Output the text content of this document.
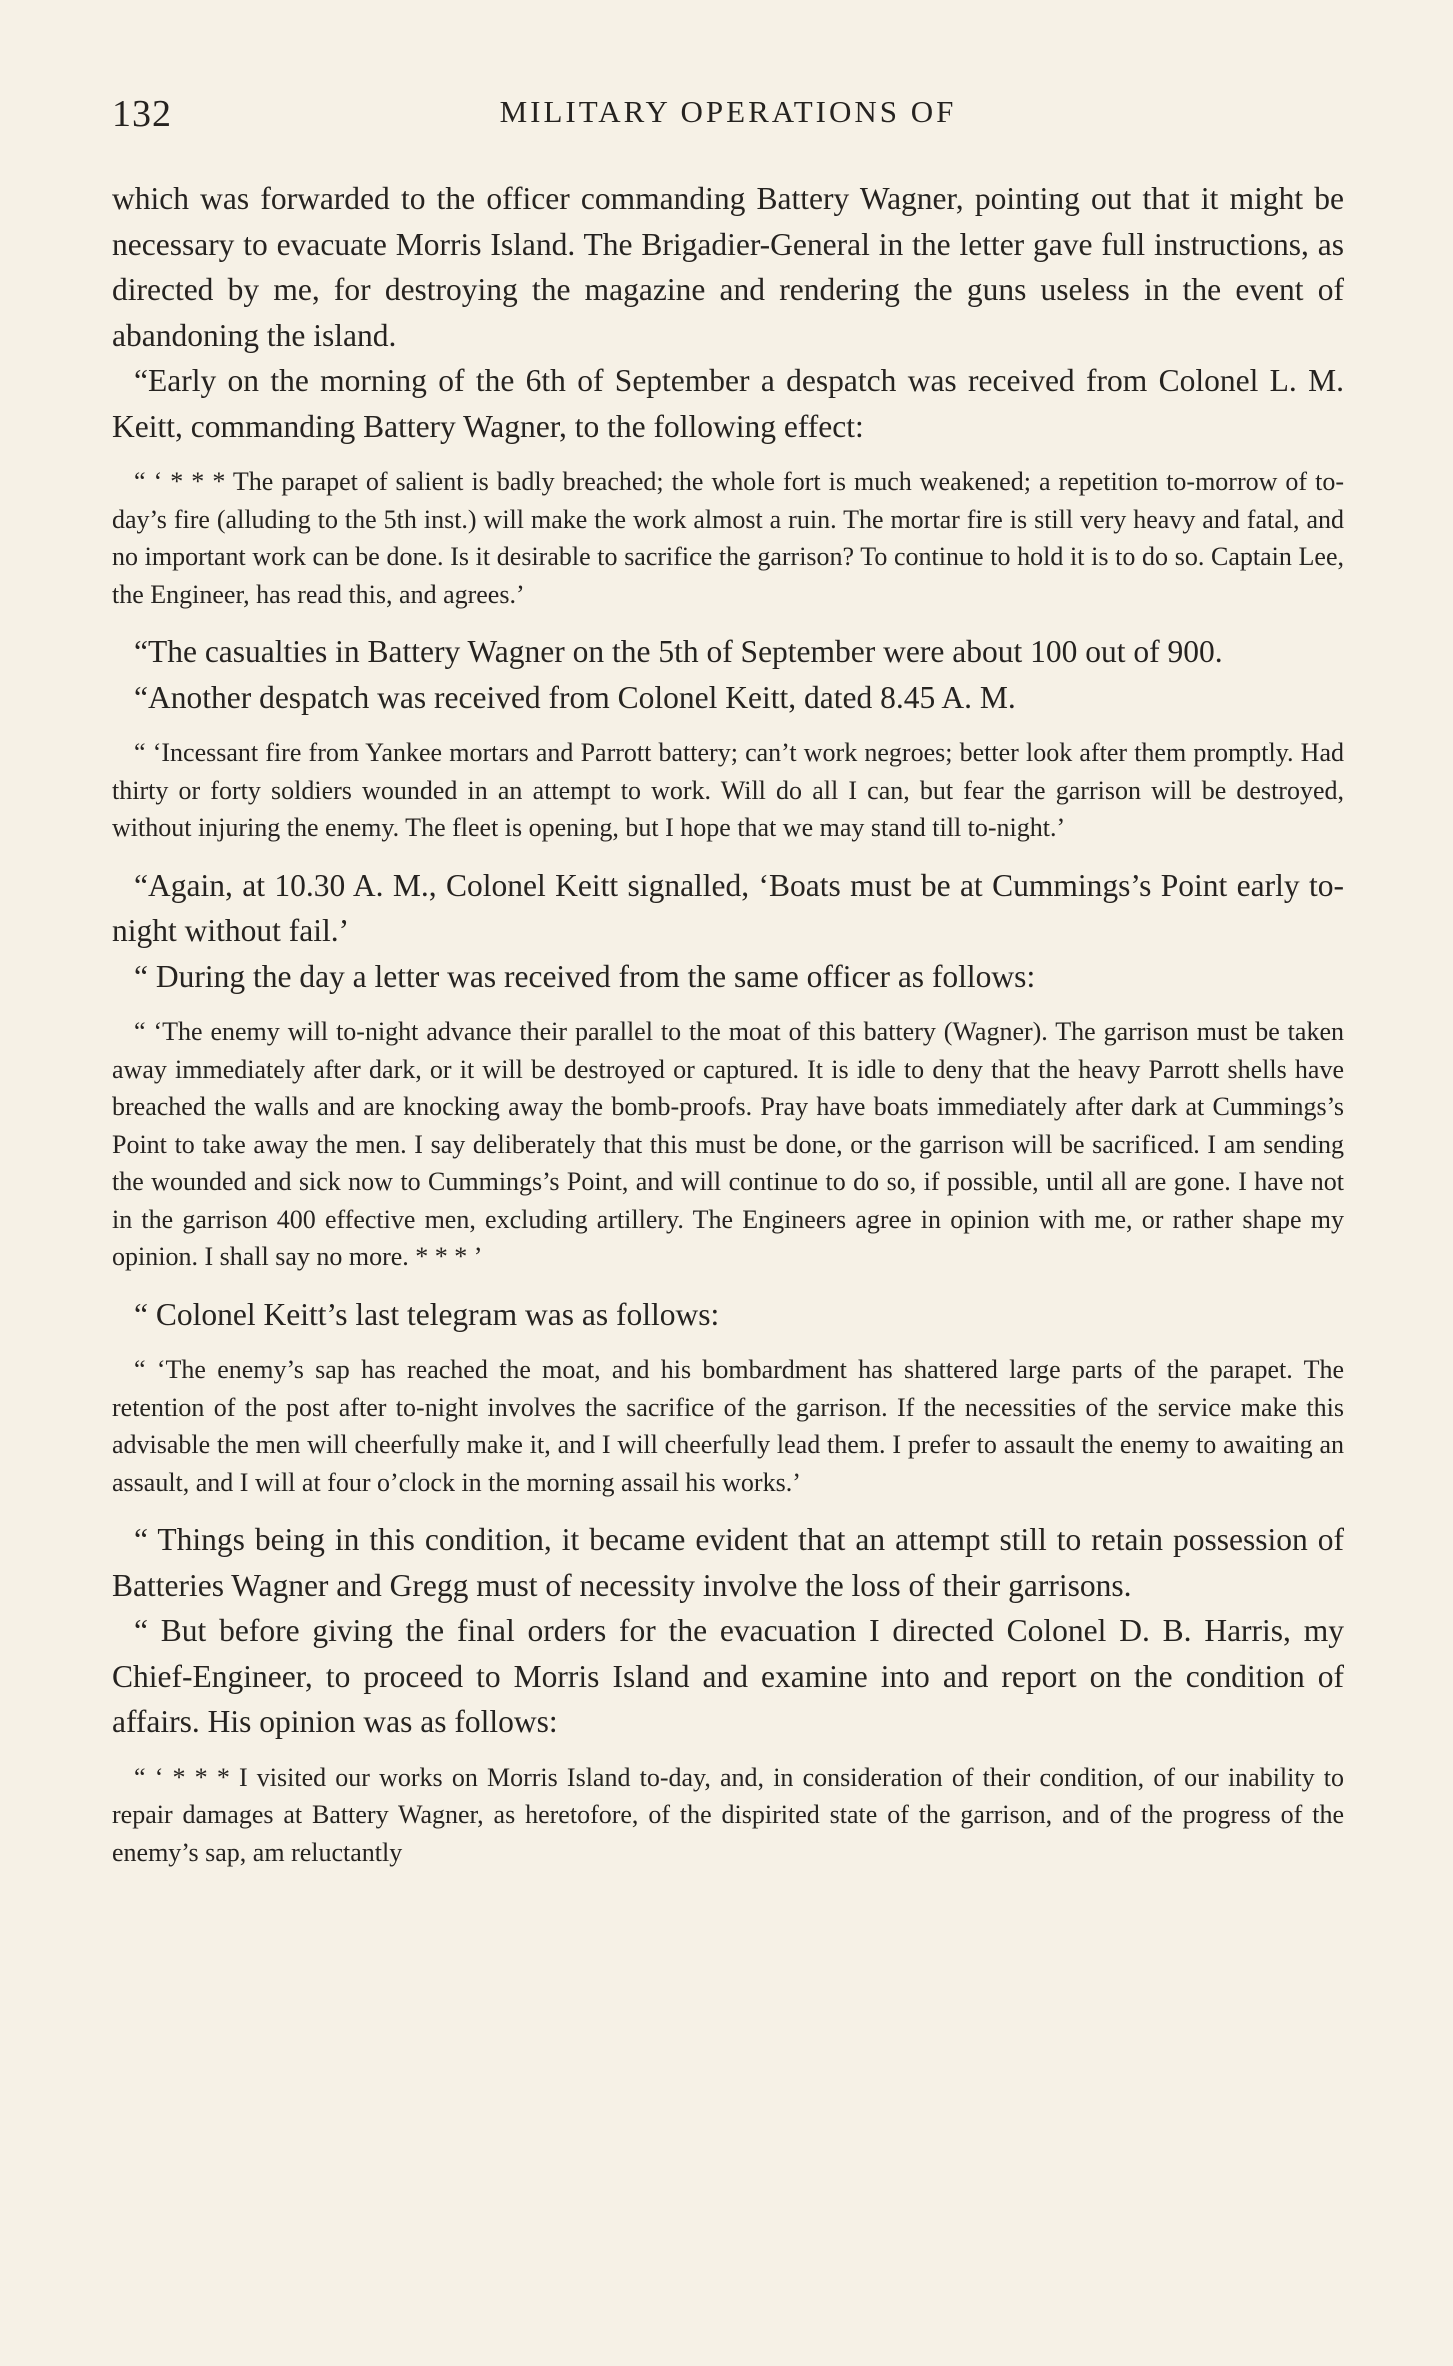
132	MILITARY OPERATIONS OF

which was forwarded to the officer commanding Battery Wagner, pointing out that it might be necessary to evacuate Morris Island. The Brigadier-General in the letter gave full instructions, as directed by me, for destroying the magazine and rendering the guns useless in the event of abandoning the island.

“Early on the morning of the 6th of September a despatch was received from Colonel L. M. Keitt, commanding Battery Wagner, to the following effect:

“ ‘ * * * The parapet of salient is badly breached; the whole fort is much weakened; a repetition to-morrow of to-day’s fire (alluding to the 5th inst.) will make the work almost a ruin. The mortar fire is still very heavy and fatal, and no important work can be done. Is it desirable to sacrifice the garrison? To continue to hold it is to do so. Captain Lee, the Engineer, has read this, and agrees.’

“The casualties in Battery Wagner on the 5th of September were about 100 out of 900.

“Another despatch was received from Colonel Keitt, dated 8.45 A. M.

“ ‘Incessant fire from Yankee mortars and Parrott battery; can’t work negroes; better look after them promptly. Had thirty or forty soldiers wounded in an attempt to work. Will do all I can, but fear the garrison will be destroyed, without injuring the enemy. The fleet is opening, but I hope that we may stand till to-night.’

“Again, at 10.30 A. M., Colonel Keitt signalled, ‘Boats must be at Cummings’s Point early to-night without fail.’

“ During the day a letter was received from the same officer as follows:

“ ‘The enemy will to-night advance their parallel to the moat of this battery (Wagner). The garrison must be taken away immediately after dark, or it will be destroyed or captured. It is idle to deny that the heavy Parrott shells have breached the walls and are knocking away the bomb-proofs. Pray have boats immediately after dark at Cummings’s Point to take away the men. I say deliberately that this must be done, or the garrison will be sacrificed. I am sending the wounded and sick now to Cummings’s Point, and will continue to do so, if possible, until all are gone. I have not in the garrison 400 effective men, excluding artillery. The Engineers agree in opinion with me, or rather shape my opinion. I shall say no more. * * * ’

“ Colonel Keitt’s last telegram was as follows:

“ ‘The enemy’s sap has reached the moat, and his bombardment has shattered large parts of the parapet. The retention of the post after to-night involves the sacrifice of the garrison. If the necessities of the service make this advisable the men will cheerfully make it, and I will cheerfully lead them. I prefer to assault the enemy to awaiting an assault, and I will at four o’clock in the morning assail his works.’

“ Things being in this condition, it became evident that an attempt still to retain possession of Batteries Wagner and Gregg must of necessity involve the loss of their garrisons.

“ But before giving the final orders for the evacuation I directed Colonel D. B. Harris, my Chief-Engineer, to proceed to Morris Island and examine into and report on the condition of affairs. His opinion was as follows:

“ ‘ * * * I visited our works on Morris Island to-day, and, in consideration of their condition, of our inability to repair damages at Battery Wagner, as heretofore, of the dispirited state of the garrison, and of the progress of the enemy’s sap, am reluctantly
